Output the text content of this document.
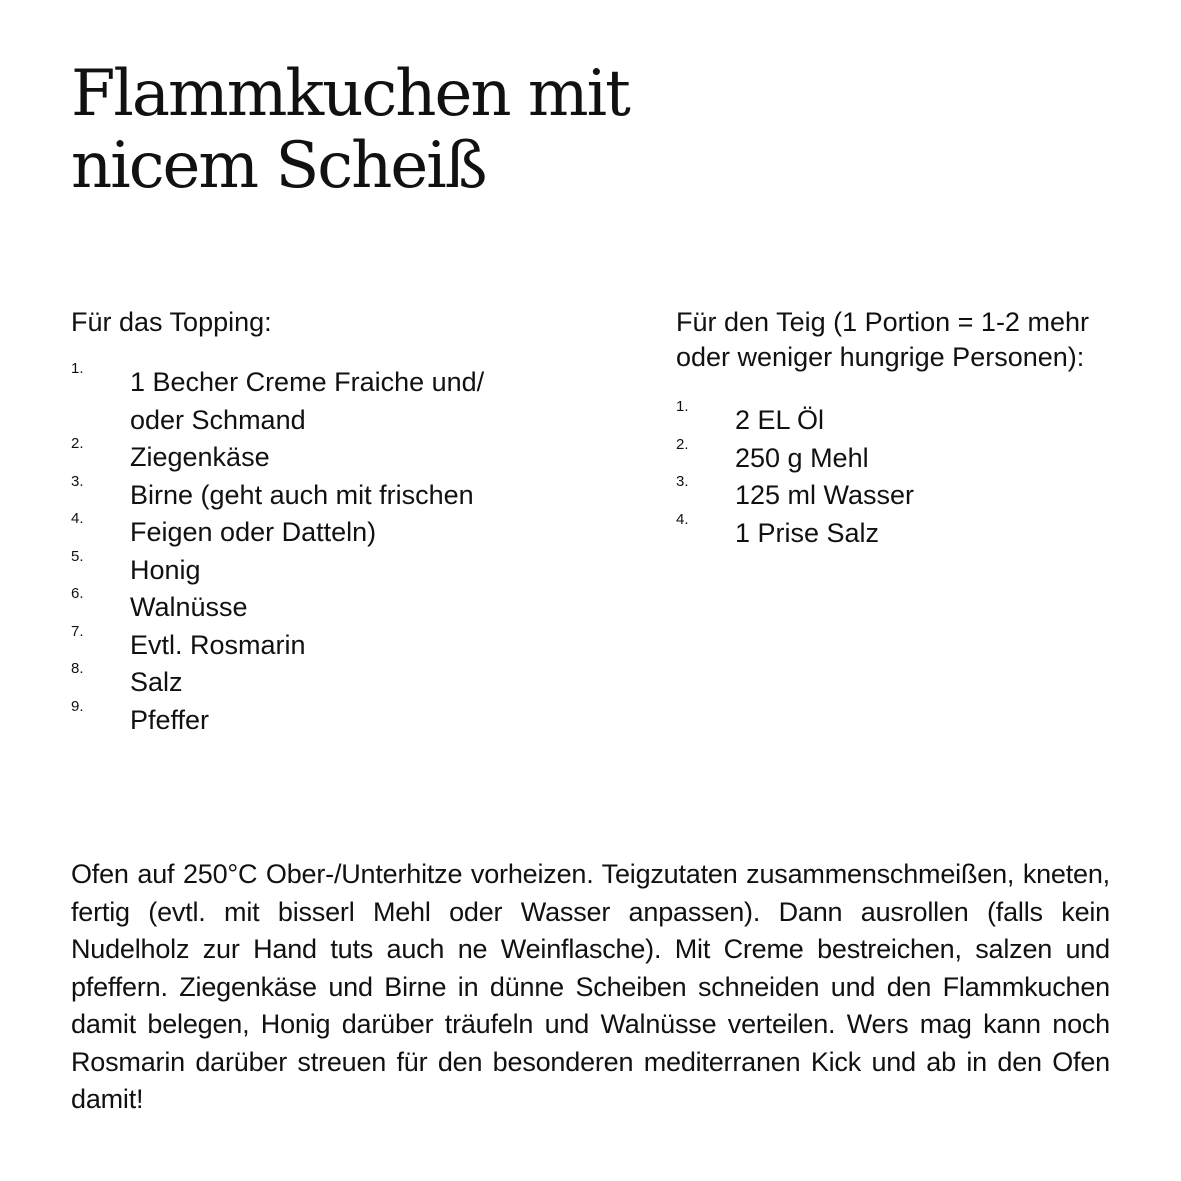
Flammkuchen mit
nicem Scheiß
Für das Topping:
1. 1 Becher Creme Fraiche und/ oder Schmand
2. Ziegenkäse
3. Birne (geht auch mit frischen
4. Feigen oder Datteln)
5. Honig
6. Walnüsse
7. Evtl. Rosmarin
8. Salz
9. Pfeffer
Für den Teig (1 Portion = 1-2 mehr oder weniger hungrige Personen):
1. 2 EL Öl
2. 250 g Mehl
3. 125 ml Wasser
4. 1 Prise Salz

Ofen auf 250°C Ober-/Unterhitze vorheizen. Teigzutaten zusammenschmeißen, kneten, fertig (evtl. mit bisserl Mehl oder Wasser anpassen). Dann ausrollen (falls kein Nudelholz zur Hand tuts auch ne Weinflasche). Mit Creme bestreichen, salzen und pfeffern. Ziegenkäse und Birne in dünne Scheiben schneiden und den Flammkuchen damit belegen, Honig darüber träufeln und Walnüsse verteilen. Wers mag kann noch Rosmarin darüber streuen für den besonderen mediterranen Kick und ab in den Ofen damit!
